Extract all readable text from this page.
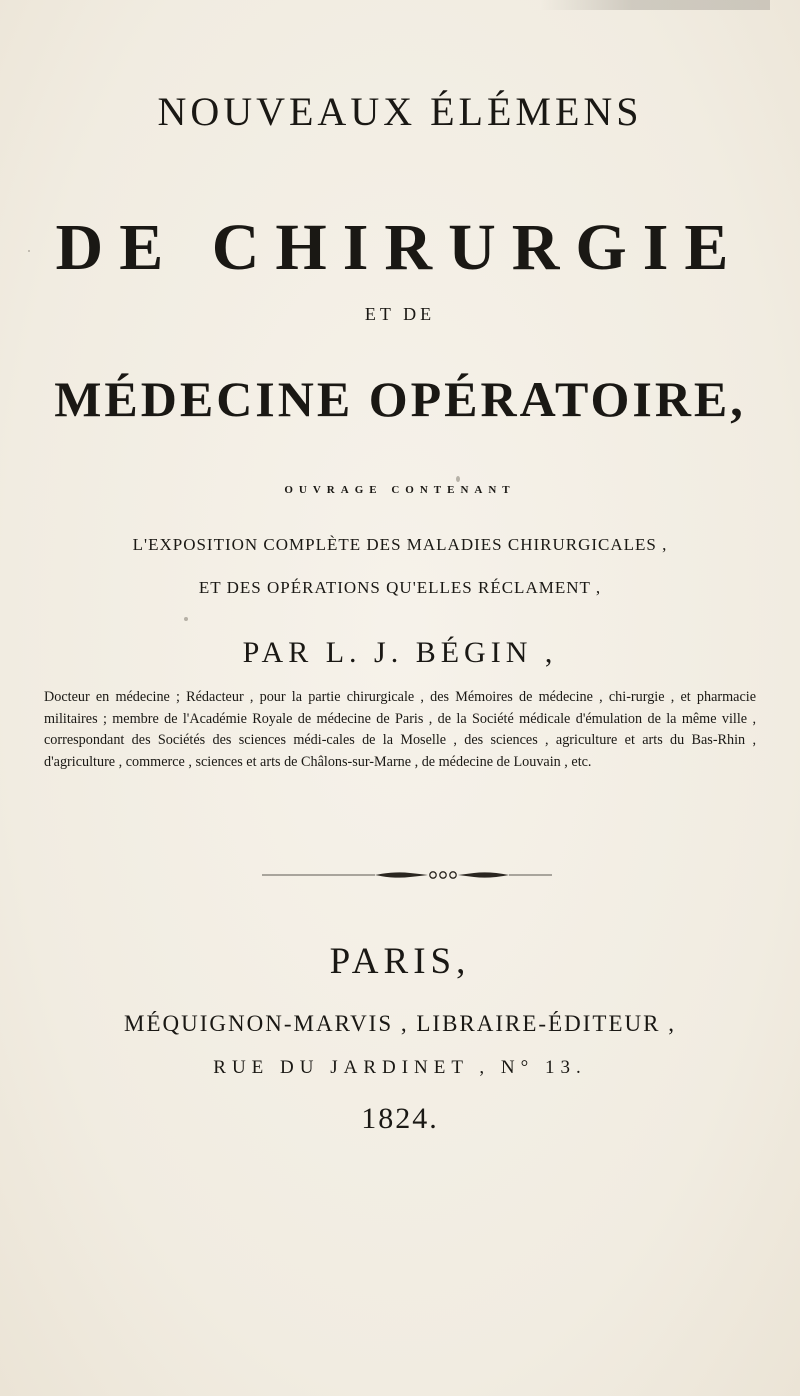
NOUVEAUX ÉLÉMENS
DE CHIRURGIE
ET DE
MÉDECINE OPÉRATOIRE,
OUVRAGE CONTENANT
L'EXPOSITION COMPLÈTE DES MALADIES CHIRURGICALES ,
ET DES OPÉRATIONS QU'ELLES RÉCLAMENT ,
PAR L. J. BÉGIN ,
Docteur en médecine ; Rédacteur , pour la partie chirurgicale , des Mémoires de médecine , chi-rurgie , et pharmacie militaires ; membre de l'Académie Royale de médecine de Paris , de la Société médicale d'émulation de la même ville , correspondant des Sociétés des sciences médi-cales de la Moselle , des sciences , agriculture et arts du Bas-Rhin , d'agriculture , commerce , sciences et arts de Châlons-sur-Marne , de médecine de Louvain , etc.
PARIS,
MÉQUIGNON-MARVIS , LIBRAIRE-ÉDITEUR ,
RUE DU JARDINET , N° 13.
1824.
